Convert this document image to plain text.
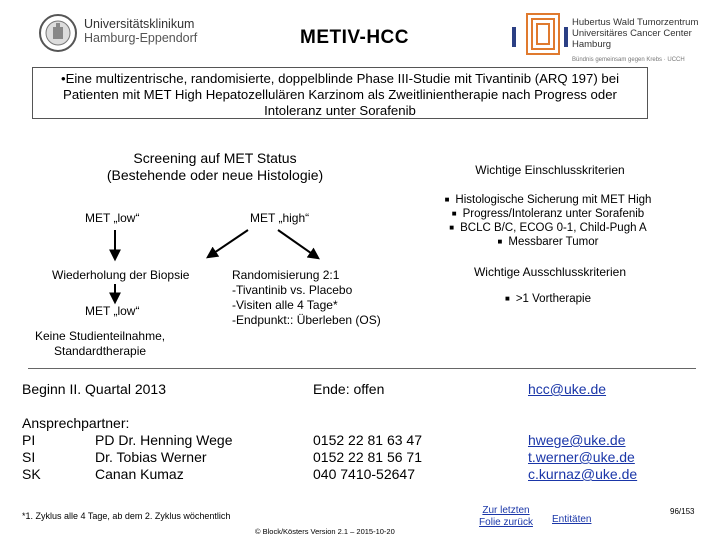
Universitätsklinikum
Hamburg-Eppendorf	METIV-HCC
Hubertus Wald Tumorzentrum
Universitäres Cancer Center Hamburg
Bündnis gemeinsam gegen Krebs · UCCH
•Eine multizentrische, randomisierte, doppelblinde Phase III-Studie mit Tivantinib (ARQ 197) bei Patienten mit MET High Hepatozellulären Karzinom als Zweitlinientherapie nach Progress oder Intoleranz unter Sorafenib
Screening auf MET Status
(Bestehende oder neue Histologie)
MET „low“	MET „high“
Wiederholung der Biopsie
MET „low“
Randomisierung 2:1
-Tivantinib vs. Placebo
-Visiten alle 4 Tage*
-Endpunkt:: Überleben (OS)
Keine Studienteilnahme,
Standardtherapie
Wichtige Einschlusskriterien
■ Histologische Sicherung mit MET High
■ Progress/Intoleranz unter Sorafenib
■ BCLC B/C, ECOG 0-1, Child-Pugh A
■ Messbarer Tumor
Wichtige Ausschlusskriterien
■ >1 Vortherapie
Beginn II. Quartal 2013	Ende: offen	hcc@uke.de
Ansprechpartner:
PI	PD Dr. Henning Wege	0152 22 81 63 47	hwege@uke.de
SI	Dr. Tobias Werner	0152 22 81 56 71	t.werner@uke.de
SK	Canan Kumaz	040 7410-52647	c.kurnaz@uke.de
*1. Zyklus alle 4 Tage, ab dem 2. Zyklus wöchentlich
© Block/Kösters Version 2.1 – 2015-10-20
Zur letzten
Folie zurück	Entitäten
96/153
